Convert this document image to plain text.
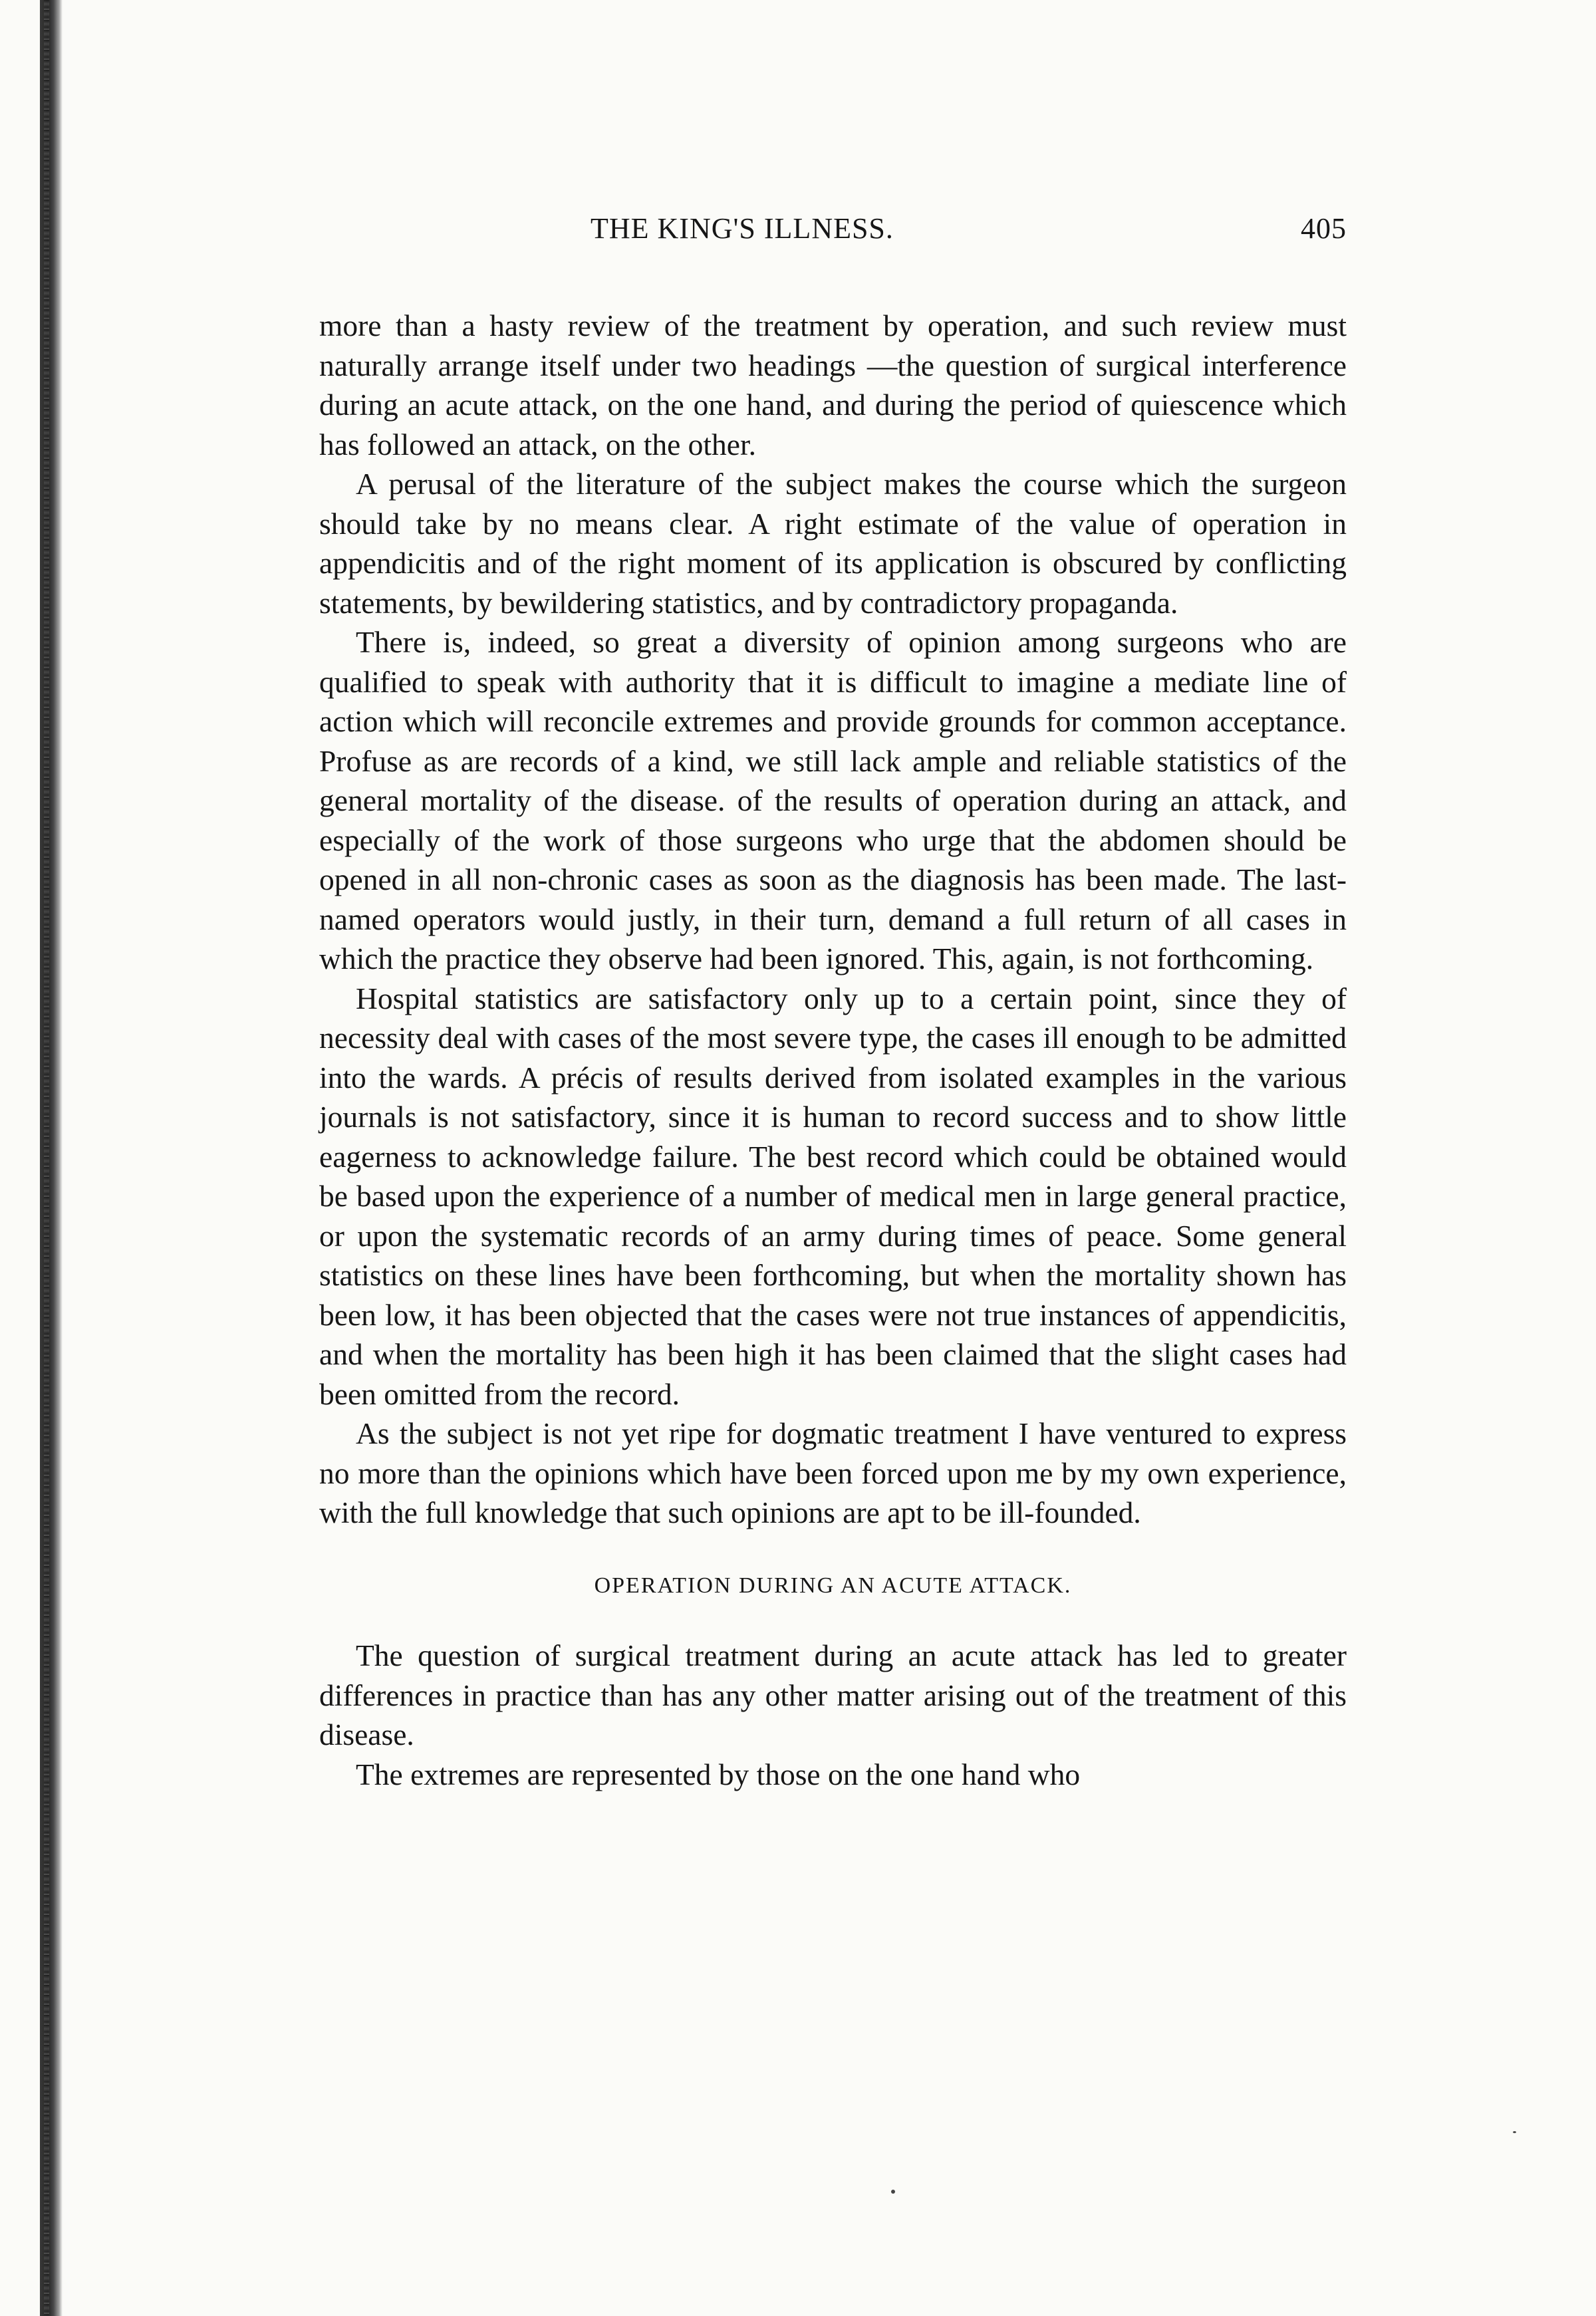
THE KING'S ILLNESS.	405

more than a hasty review of the treatment by operation, and such review must naturally arrange itself under two headings —the question of surgical interference during an acute attack, on the one hand, and during the period of quiescence which has followed an attack, on the other.

A perusal of the literature of the subject makes the course which the surgeon should take by no means clear. A right estimate of the value of operation in appendicitis and of the right moment of its application is obscured by conflicting statements, by bewildering statistics, and by contradictory propaganda.

There is, indeed, so great a diversity of opinion among surgeons who are qualified to speak with authority that it is difficult to imagine a mediate line of action which will reconcile extremes and provide grounds for common acceptance. Profuse as are records of a kind, we still lack ample and reliable statistics of the general mortality of the disease. of the results of operation during an attack, and especially of the work of those surgeons who urge that the abdomen should be opened in all non-chronic cases as soon as the diagnosis has been made. The last-named operators would justly, in their turn, demand a full return of all cases in which the practice they observe had been ignored. This, again, is not forthcoming.

Hospital statistics are satisfactory only up to a certain point, since they of necessity deal with cases of the most severe type, the cases ill enough to be admitted into the wards. A précis of results derived from isolated examples in the various journals is not satisfactory, since it is human to record success and to show little eagerness to acknowledge failure. The best record which could be obtained would be based upon the experience of a number of medical men in large general practice, or upon the systematic records of an army during times of peace. Some general statistics on these lines have been forthcoming, but when the mortality shown has been low, it has been objected that the cases were not true instances of appendicitis, and when the mortality has been high it has been claimed that the slight cases had been omitted from the record.

As the subject is not yet ripe for dogmatic treatment I have ventured to express no more than the opinions which have been forced upon me by my own experience, with the full knowledge that such opinions are apt to be ill-founded.

OPERATION DURING AN ACUTE ATTACK.

The question of surgical treatment during an acute attack has led to greater differences in practice than has any other matter arising out of the treatment of this disease.

The extremes are represented by those on the one hand who
